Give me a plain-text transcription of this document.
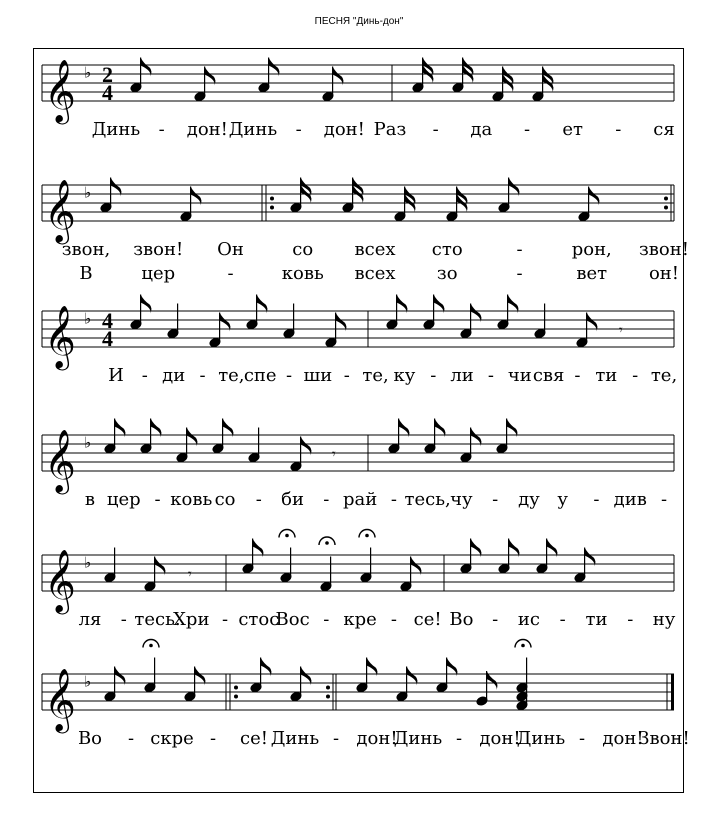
ПЕСНЯ "Динь-дон"
𝄞 ♭ 2
4
Динь - дон! Динь - дон! Раз - да - ет - ся
𝄞 ♭
звон, звон! Он	со всех сто	-	рон, звон!
В	цер	-	ковь всех зо	-	вет он!
𝄞 ♭ 4
4	𝄾
И - ди - те, спе - ши - те, ку - ли - чи свя - ти - те,
𝄞 ♭
𝄾
в цер - ковь со - би - рай - тесь, чу - ду у - див -
𝄞 ♭
𝄾
ля - тесь.
Хри - стос
Вос - кре - се! Во - ис - ти - ну
𝄞 ♭
Во - скре - се! Динь - дон!
Динь - дон!
Динь - дон!
Звон!
